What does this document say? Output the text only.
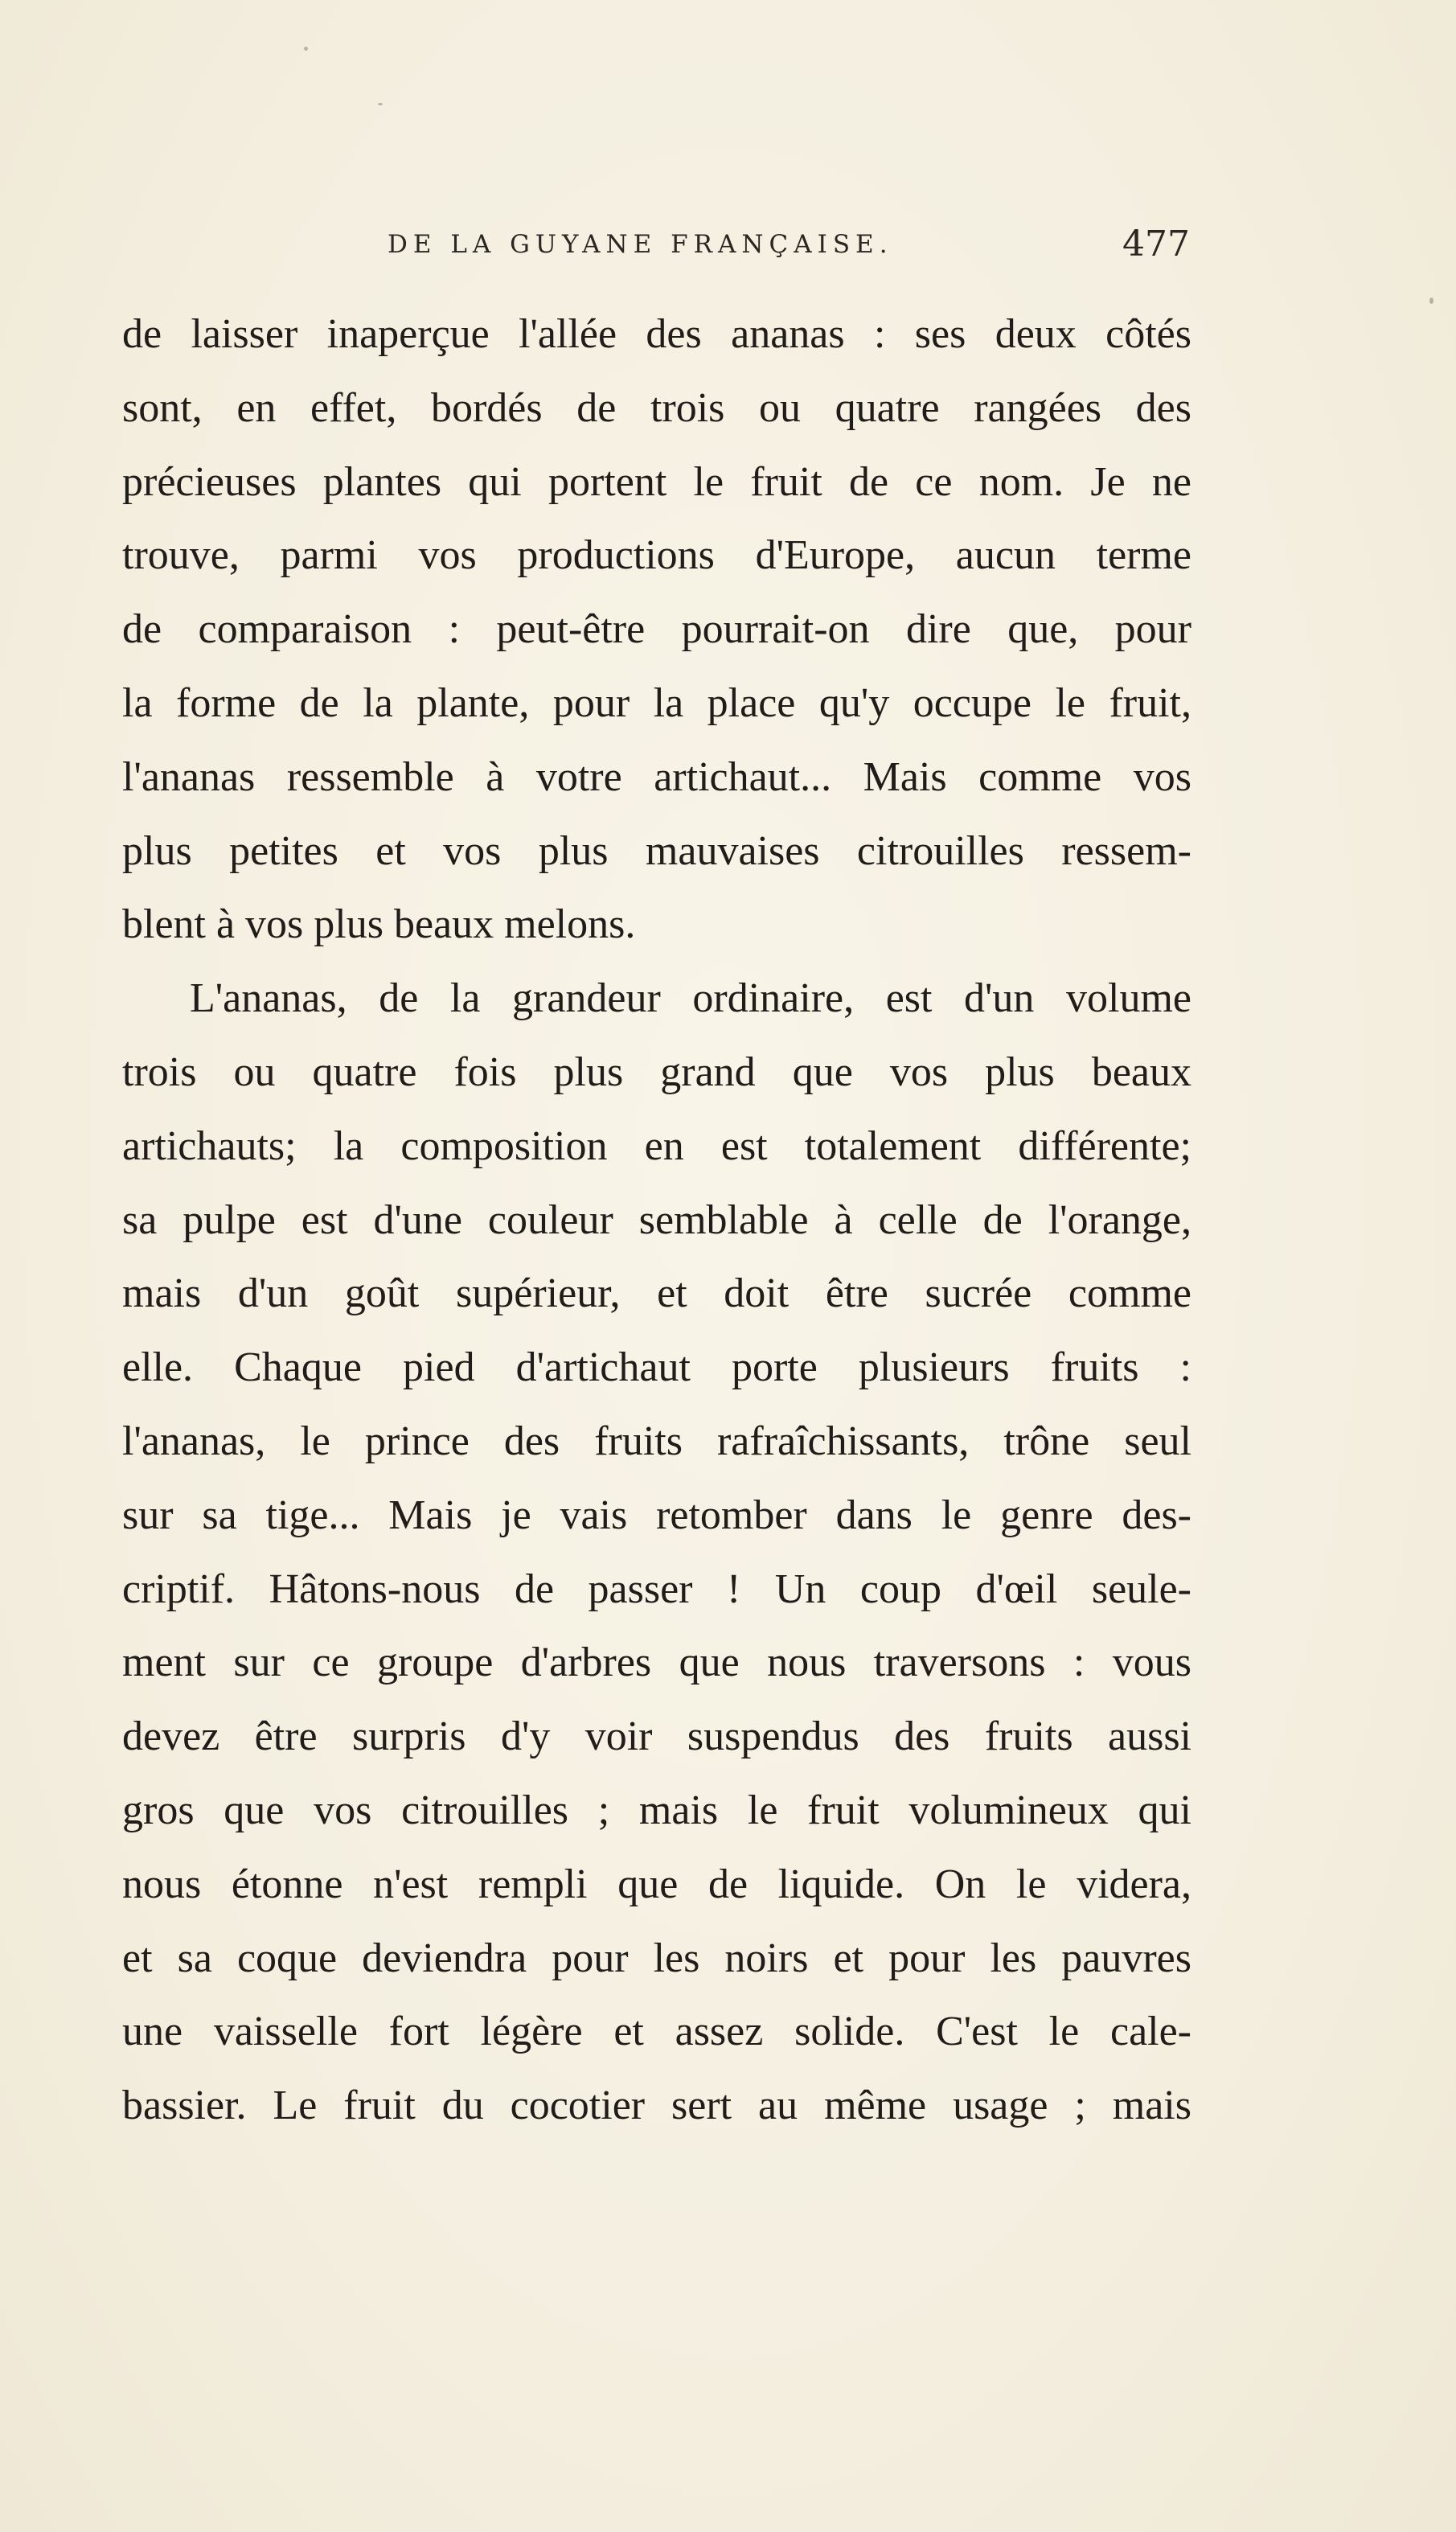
DE LA GUYANE FRANÇAISE.	477
de laisser inaperçue l'allée des ananas : ses deux côtés
sont, en effet, bordés de trois ou quatre rangées des
précieuses plantes qui portent le fruit de ce nom. Je ne
trouve, parmi vos productions d'Europe, aucun terme
de comparaison : peut-être pourrait-on dire que, pour
la forme de la plante, pour la place qu'y occupe le fruit,
l'ananas ressemble à votre artichaut... Mais comme vos
plus petites et vos plus mauvaises citrouilles ressem-
blent à vos plus beaux melons.
L'ananas, de la grandeur ordinaire, est d'un volume
trois ou quatre fois plus grand que vos plus beaux
artichauts; la composition en est totalement différente;
sa pulpe est d'une couleur semblable à celle de l'orange,
mais d'un goût supérieur, et doit être sucrée comme
elle. Chaque pied d'artichaut porte plusieurs fruits :
l'ananas, le prince des fruits rafraîchissants, trône seul
sur sa tige... Mais je vais retomber dans le genre des-
criptif. Hâtons-nous de passer ! Un coup d'œil seule-
ment sur ce groupe d'arbres que nous traversons : vous
devez être surpris d'y voir suspendus des fruits aussi
gros que vos citrouilles ; mais le fruit volumineux qui
nous étonne n'est rempli que de liquide. On le videra,
et sa coque deviendra pour les noirs et pour les pauvres
une vaisselle fort légère et assez solide. C'est le cale-
bassier. Le fruit du cocotier sert au même usage ; mais
